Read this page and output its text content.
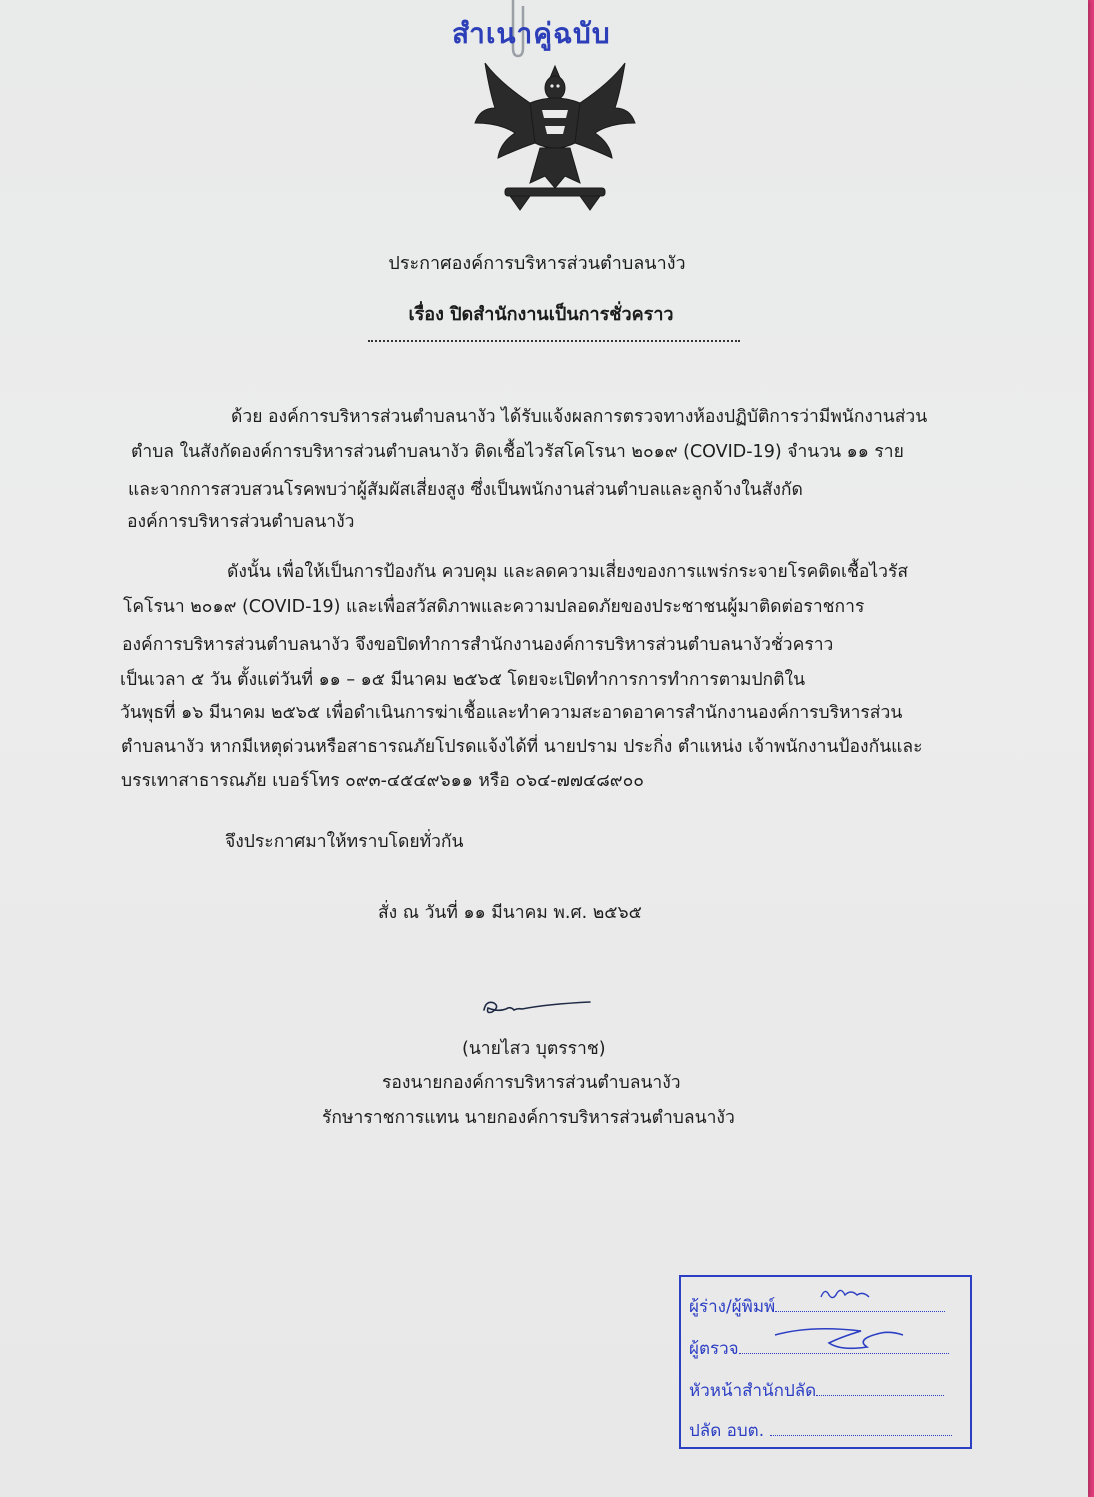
สำเนาคู่ฉบับ
ประกาศองค์การบริหารส่วนตำบลนางัว
เรื่อง ปิดสำนักงานเป็นการชั่วคราว
ด้วย องค์การบริหารส่วนตำบลนางัว ได้รับแจ้งผลการตรวจทางห้องปฏิบัติการว่ามีพนักงานส่วน
ตำบล ในสังกัดองค์การบริหารส่วนตำบลนางัว ติดเชื้อไวรัสโคโรนา ๒๐๑๙ (COVID-19) จำนวน ๑๑ ราย
และจากการสวบสวนโรคพบว่าผู้สัมผัสเสี่ยงสูง ซึ่งเป็นพนักงานส่วนตำบลและลูกจ้างในสังกัด
องค์การบริหารส่วนตำบลนางัว
ดังนั้น เพื่อให้เป็นการป้องกัน ควบคุม และลดความเสี่ยงของการแพร่กระจายโรคติดเชื้อไวรัส
โคโรนา ๒๐๑๙ (COVID-19) และเพื่อสวัสดิภาพและความปลอดภัยของประชาชนผู้มาติดต่อราชการ
องค์การบริหารส่วนตำบลนางัว จึงขอปิดทำการสำนักงานองค์การบริหารส่วนตำบลนางัวชั่วคราว
เป็นเวลา ๕ วัน ตั้งแต่วันที่ ๑๑ – ๑๕ มีนาคม ๒๕๖๕ โดยจะเปิดทำการการทำการตามปกติใน
วันพุธที่ ๑๖ มีนาคม ๒๕๖๕ เพื่อดำเนินการฆ่าเชื้อและทำความสะอาดอาคารสำนักงานองค์การบริหารส่วน
ตำบลนางัว หากมีเหตุด่วนหรือสาธารณภัยโปรดแจ้งได้ที่ นายปราม ประกิ่ง ตำแหน่ง เจ้าพนักงานป้องกันและ
บรรเทาสาธารณภัย เบอร์โทร ๐๙๓-๔๕๔๙๖๑๑ หรือ ๐๖๔-๗๗๔๘๙๐๐
จึงประกาศมาให้ทราบโดยทั่วกัน
สั่ง ณ วันที่ ๑๑ มีนาคม พ.ศ. ๒๕๖๕
(นายไสว บุตรราช)
รองนายกองค์การบริหารส่วนตำบลนางัว
รักษาราชการแทน นายกองค์การบริหารส่วนตำบลนางัว
ผู้ร่าง/ผู้พิมพ์
ผู้ตรวจ
หัวหน้าสำนักปลัด
ปลัด อบต.
